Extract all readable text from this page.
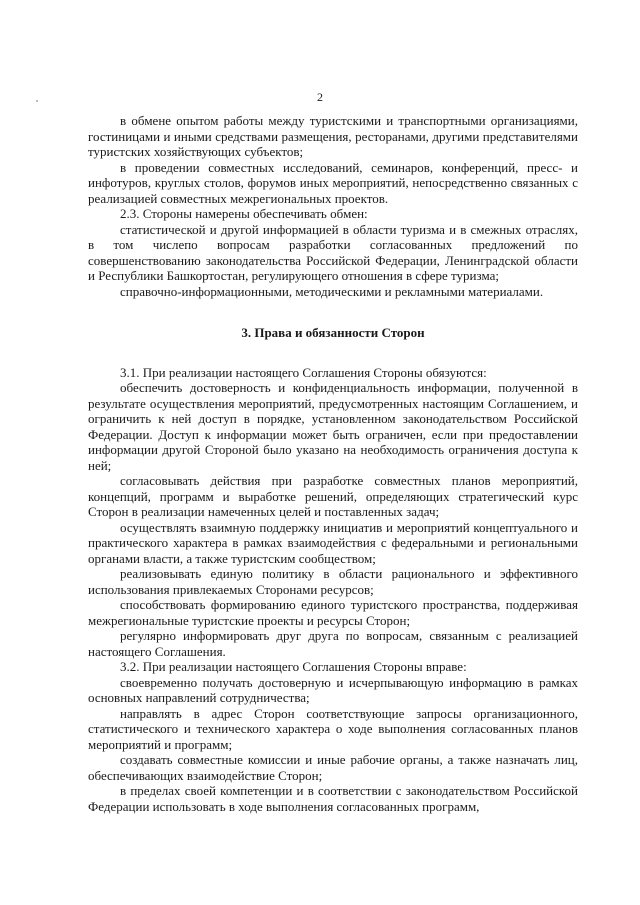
2

в обмене опытом работы между туристскими и транспортными организациями, гостиницами и иными средствами размещения, ресторанами, другими представителями туристских хозяйствующих субъектов;

в проведении совместных исследований, семинаров, конференций, пресс- и инфотуров, круглых столов, форумов иных мероприятий, непосредственно связанных с реализацией совместных межрегиональных проектов.

2.3. Стороны намерены обеспечивать обмен:

статистической и другой информацией в области туризма и в смежных отраслях, в том числепо вопросам разработки согласованных предложений по совершенствованию законодательства Российской Федерации, Ленинградской области и Республики Башкортостан, регулирующего отношения в сфере туризма;

справочно-информационными, методическими и рекламными материалами.

3. Права и обязанности Сторон

3.1. При реализации настоящего Соглашения Стороны обязуются:

обеспечить достоверность и конфиденциальность информации, полученной в результате осуществления мероприятий, предусмотренных настоящим Соглашением, и ограничить к ней доступ в порядке, установленном законодательством Российской Федерации. Доступ к информации может быть ограничен, если при предоставлении информации другой Стороной было указано на необходимость ограничения доступа к ней;

согласовывать действия при разработке совместных планов мероприятий, концепций, программ и выработке решений, определяющих стратегический курс Сторон в реализации намеченных целей и поставленных задач;

осуществлять взаимную поддержку инициатив и мероприятий концептуального и практического характера в рамках взаимодействия с федеральными и региональными органами власти, а также туристским сообществом;

реализовывать единую политику в области рационального и эффективного использования привлекаемых Сторонами ресурсов;

способствовать формированию единого туристского пространства, поддерживая межрегиональные туристские проекты и ресурсы Сторон;

регулярно информировать друг друга по вопросам, связанным с реализацией настоящего Соглашения.

3.2. При реализации настоящего Соглашения Стороны вправе:

своевременно получать достоверную и исчерпывающую информацию в рамках основных направлений сотрудничества;

направлять в адрес Сторон соответствующие запросы организационного, статистического и технического характера о ходе выполнения согласованных планов мероприятий и программ;

создавать совместные комиссии и иные рабочие органы, а также назначать лиц, обеспечивающих взаимодействие Сторон;

в пределах своей компетенции и в соответствии с законодательством Российской Федерации использовать в ходе выполнения согласованных программ,
